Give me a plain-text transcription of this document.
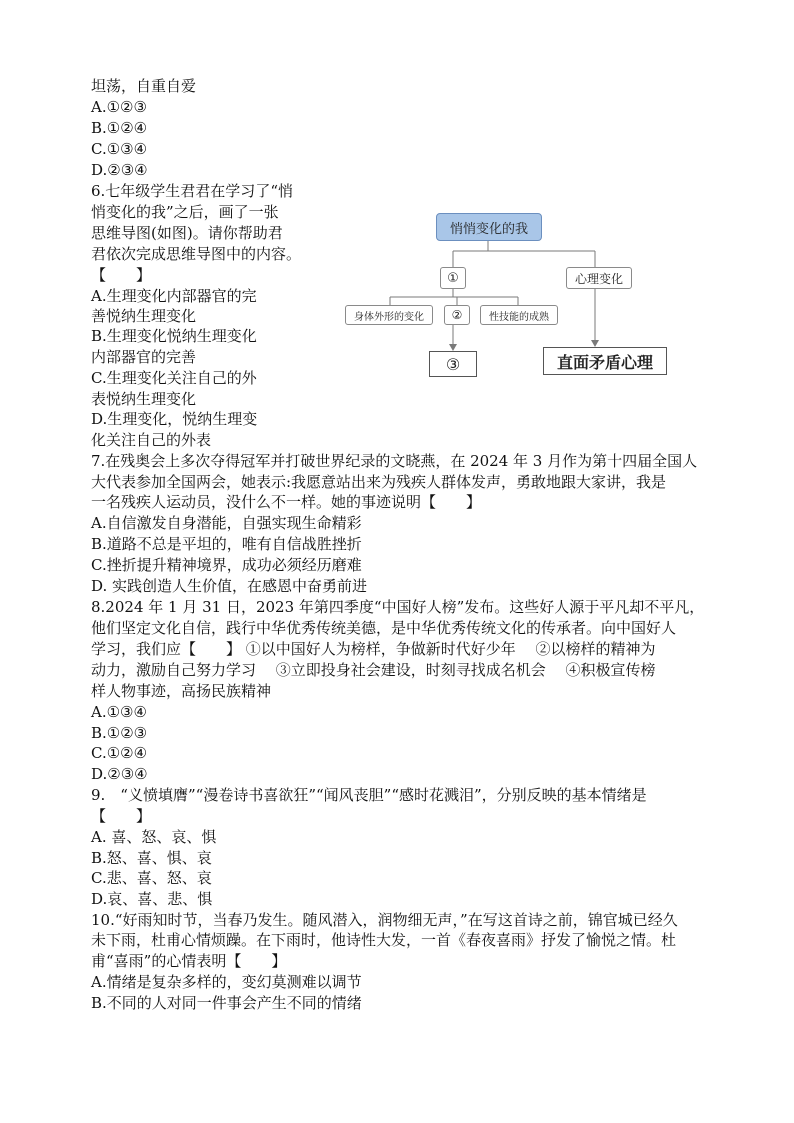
坦荡，自重自爱
A.①②③
B.①②④
C.①③④
D.②③④
6.七年级学生君君在学习了“悄
悄变化的我”之后，画了一张
思维导图(如图)。请你帮助君
君依次完成思维导图中的内容。
【　　】
A.生理变化内部器官的完
善悦纳生理变化
B.生理变化悦纳生理变化
内部器官的完善
C.生理变化关注自己的外
表悦纳生理变化
D.生理变化，悦纳生理变
化关注自己的外表
7.在残奥会上多次夺得冠军并打破世界纪录的文晓燕，在 2024 年 3 月作为第十四届全国人
大代表参加全国两会，她表示:我愿意站出来为残疾人群体发声，勇敢地跟大家讲，我是
一名残疾人运动员，没什么不一样。她的事迹说明【　　】
A.自信激发自身潜能，自强实现生命精彩
B.道路不总是平坦的，唯有自信战胜挫折
C.挫折提升精神境界，成功必须经历磨难
D. 实践创造人生价值，在感恩中奋勇前进
8.2024 年 1 月 31 日，2023 年第四季度“中国好人榜”发布。这些好人源于平凡却不平凡，
他们坚定文化自信，践行中华优秀传统美德，是中华优秀传统文化的传承者。向中国好人
学习，我们应【　　】 ①以中国好人为榜样，争做新时代好少年　 ②以榜样的精神为
动力，激励自己努力学习　 ③立即投身社会建设，时刻寻找成名机会　 ④积极宣传榜
样人物事迹，高扬民族精神
A.①③④
B.①②③
C.①②④
D.②③④
9.　“义愤填膺”“漫卷诗书喜欲狂”“闻风丧胆”“感时花溅泪”，分别反映的基本情绪是
【　　】
A. 喜、怒、哀、惧
B.怒、喜、惧、哀
C.悲、喜、怒、哀
D.哀、喜、悲、惧
10.“好雨知时节，当春乃发生。随风潜入，润物细无声，”在写这首诗之前，锦官城已经久
未下雨，杜甫心情烦躁。在下雨时，他诗性大发，一首《春夜喜雨》抒发了愉悦之情。杜
甫“喜雨”的心情表明【　　】
A.情绪是复杂多样的，变幻莫测难以调节
B.不同的人对同一件事会产生不同的情绪
悄悄变化的我
①	心理变化
身体外形的变化 ②	性技能的成熟
③	直面矛盾心理
